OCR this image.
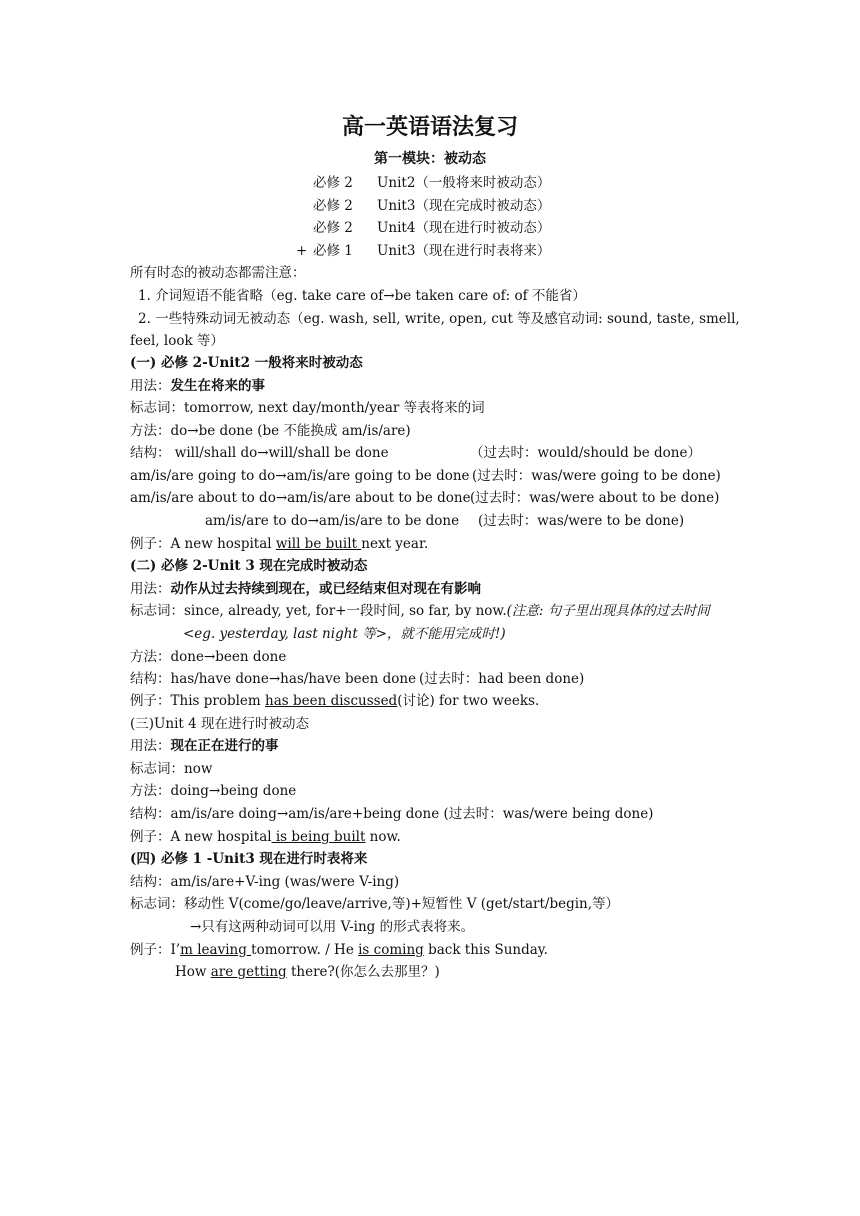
高一英语语法复习
第一模块：被动态
必修 2 Unit2（一般将来时被动态）
必修 2 Unit3（现在完成时被动态）
必修 2 Unit4（现在进行时被动态）
+ 必修 1 Unit3（现在进行时表将来）
所有时态的被动态都需注意：
1. 介词短语不能省略（eg. take care of→be taken care of: of 不能省）
2. 一些特殊动词无被动态（eg. wash, sell, write, open, cut 等及感官动词: sound, taste, smell,
feel, look 等）
(一) 必修 2-Unit2 一般将来时被动态
用法：发生在将来的事
标志词：tomorrow, next day/month/year 等表将来的词
方法：do→be done (be 不能换成 am/is/are)
结构： will/shall do→will/shall be done	（过去时：would/should be done）
am/is/are going to do→am/is/are going to be done (过去时：was/were going to be done)
am/is/are about to do→am/is/are about to be done (过去时：was/were about to be done)
am/is/are to do→am/is/are to be done (过去时：was/were to be done)
例子：A new hospital will be built next year.
(二) 必修 2-Unit 3 现在完成时被动态
用法：动作从过去持续到现在，或已经结束但对现在有影响
标志词：since, already, yet, for+一段时间, so far, by now.(注意: 句子里出现具体的过去时间
<eg. yesterday, last night 等>，就不能用完成时!)
方法：done→been done
结构：has/have done→has/have been done (过去时：had been done)
例子：This problem has been discussed(讨论) for two weeks.
(三)Unit 4 现在进行时被动态
用法：现在正在进行的事
标志词：now
方法：doing→being done
结构：am/is/are doing→am/is/are+being done (过去时：was/were being done)
例子：A new hospital is being built now.
(四) 必修 1 -Unit3 现在进行时表将来
结构：am/is/are+V-ing (was/were V-ing)
标志词：移动性 V(come/go/leave/arrive,等)+短暂性 V (get/start/begin,等）
→只有这两种动词可以用 V-ing 的形式表将来。
例子：I’m leaving tomorrow. / He is coming back this Sunday.
How are getting there?(你怎么去那里？)
